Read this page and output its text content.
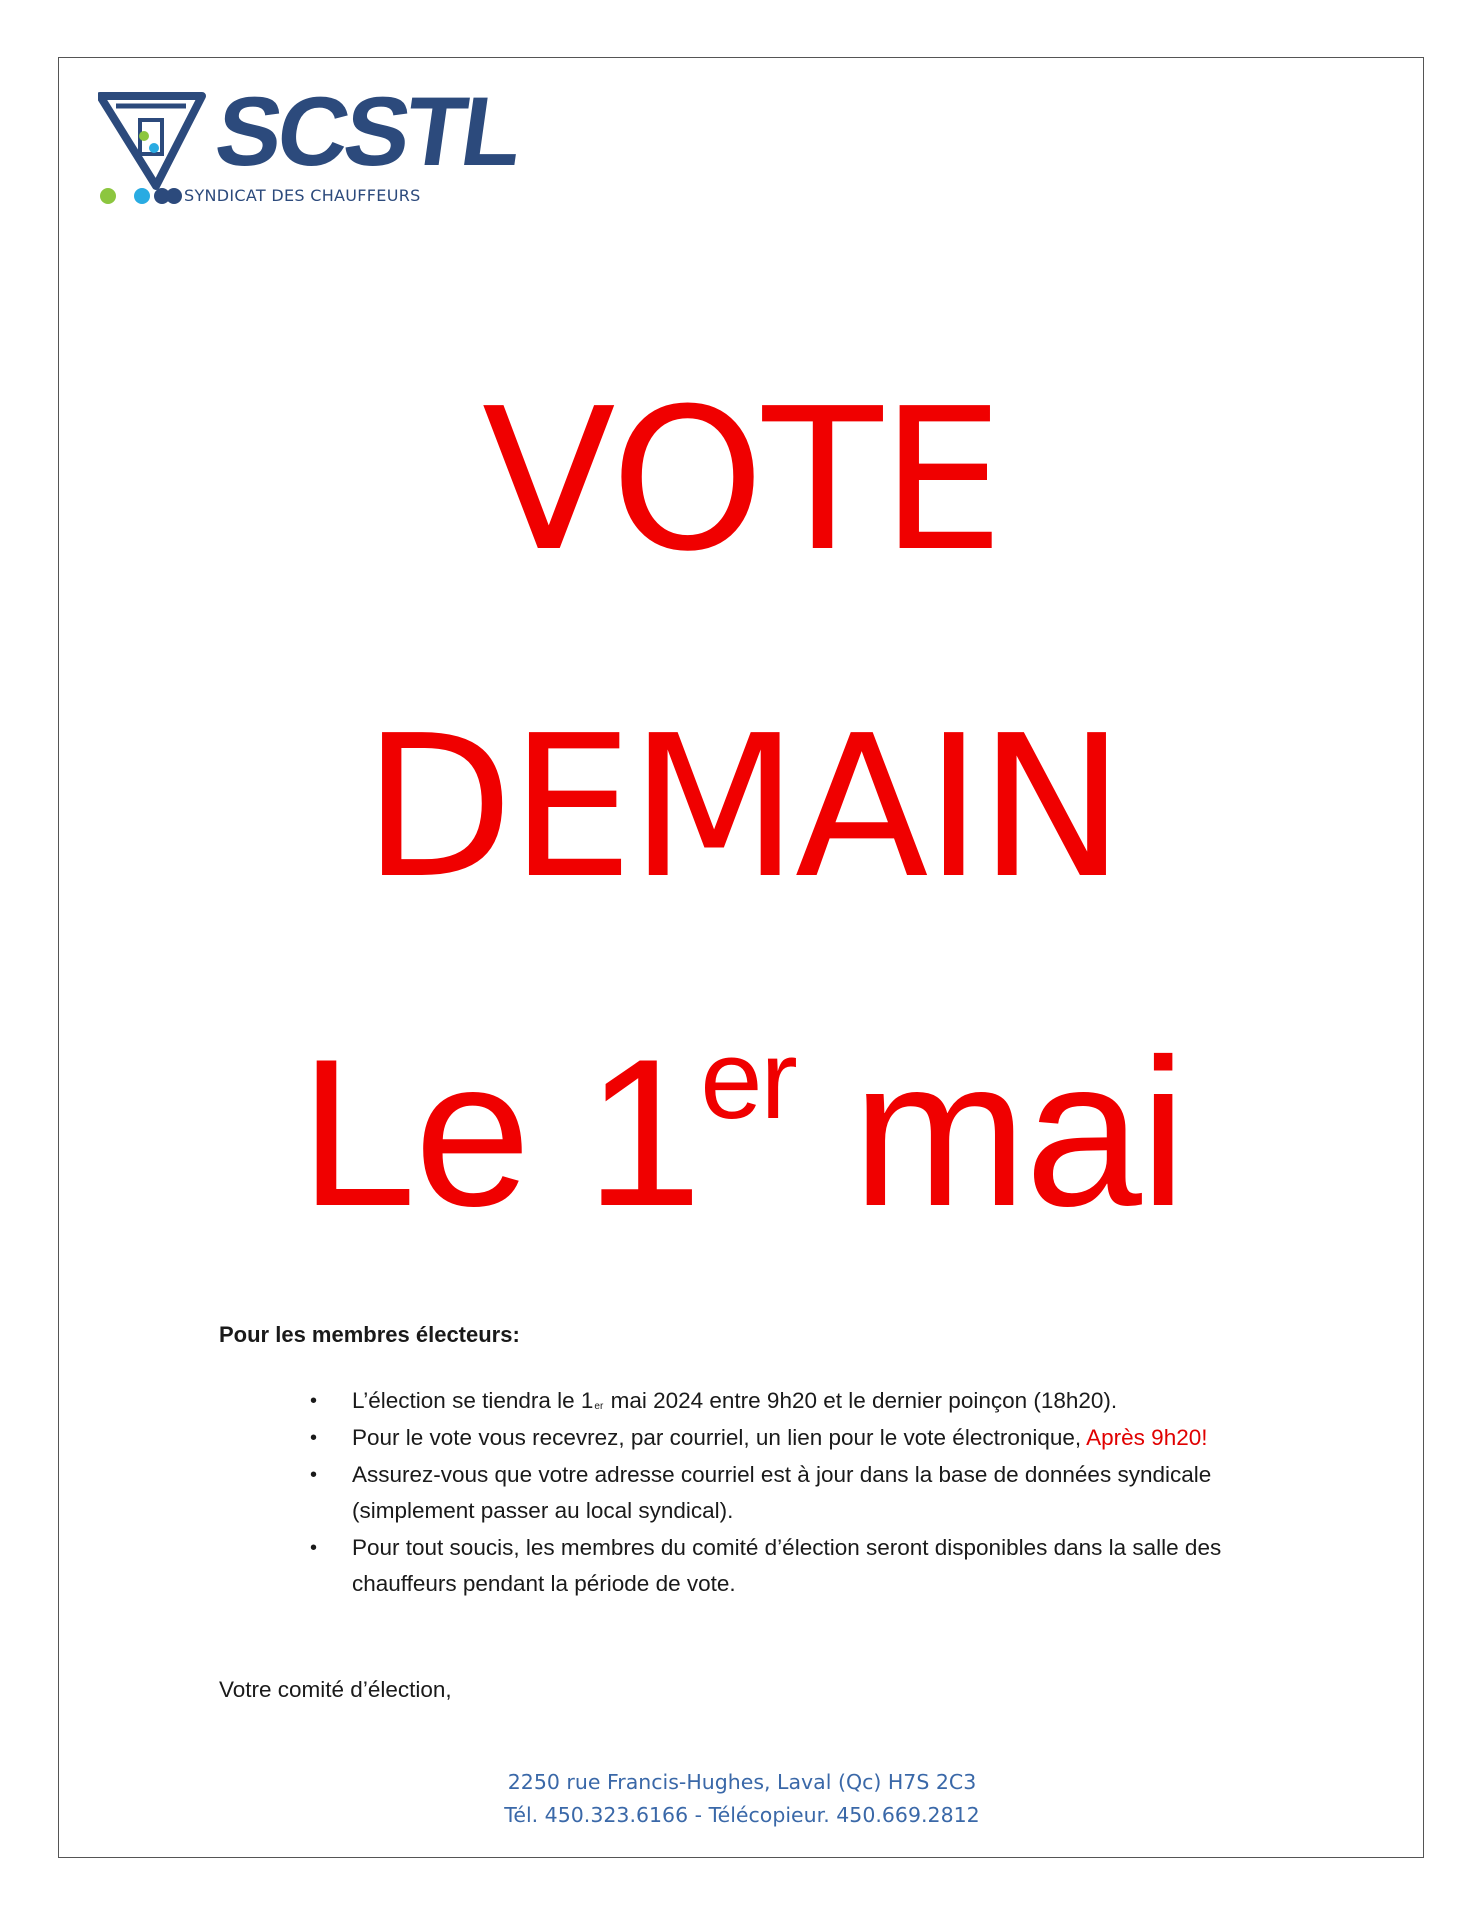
SCSTL
SYNDICAT DES CHAUFFEURS
VOTE
DEMAIN
Le 1er mai
Pour les membres électeurs:
• L’élection se tiendra le 1er mai 2024 entre 9h20 et le dernier poinçon (18h20).
• Pour le vote vous recevrez, par courriel, un lien pour le vote électronique, Après 9h20!
• Assurez-vous que votre adresse courriel est à jour dans la base de données syndicale (simplement passer au local syndical).
• Pour tout soucis, les membres du comité d’élection seront disponibles dans la salle des chauffeurs pendant la période de vote.
Votre comité d’élection,
2250 rue Francis-Hughes, Laval (Qc) H7S 2C3
Tél. 450.323.6166 - Télécopieur. 450.669.2812
